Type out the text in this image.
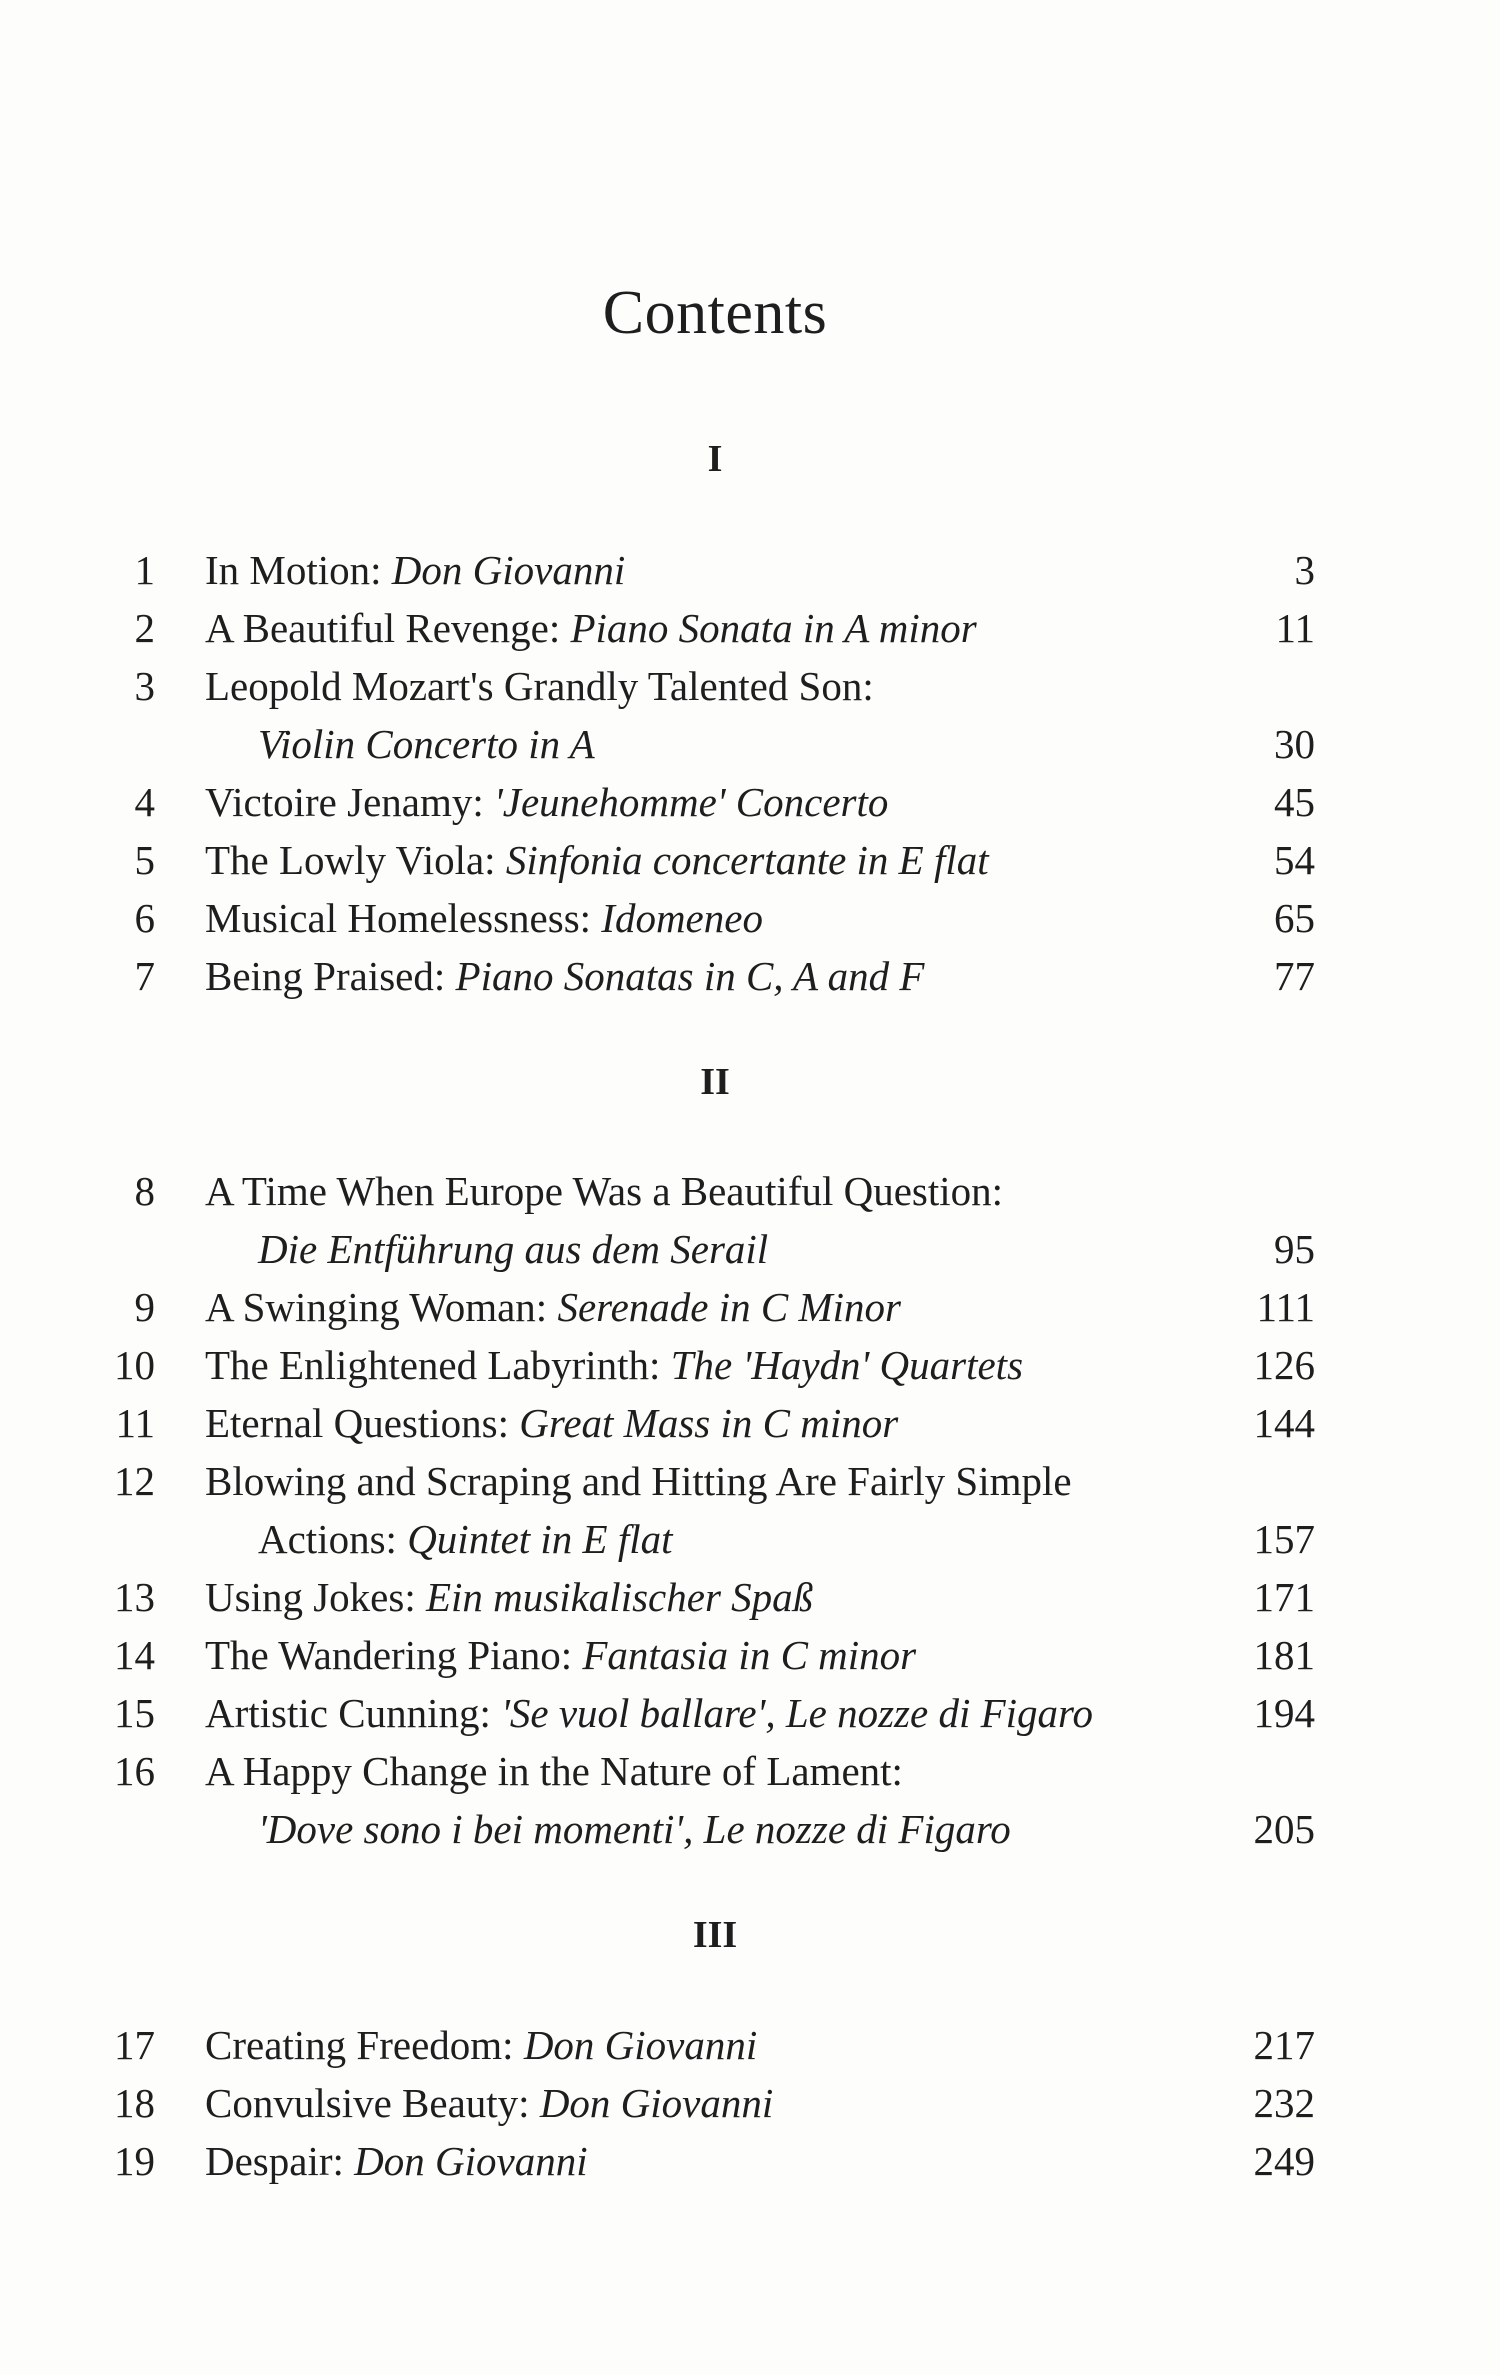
Contents
I
1 In Motion: Don Giovanni	3
2 A Beautiful Revenge: Piano Sonata in A minor	11
3 Leopold Mozart's Grandly Talented Son:
Violin Concerto in A	30
4 Victoire Jenamy: 'Jeunehomme' Concerto	45
5 The Lowly Viola: Sinfonia concertante in E flat	54
6 Musical Homelessness: Idomeneo	65
7 Being Praised: Piano Sonatas in C, A and F	77
II
8 A Time When Europe Was a Beautiful Question:
Die Entführung aus dem Serail	95
9 A Swinging Woman: Serenade in C Minor	111
10 The Enlightened Labyrinth: The 'Haydn' Quartets	126
11 Eternal Questions: Great Mass in C minor	144
12 Blowing and Scraping and Hitting Are Fairly Simple
Actions: Quintet in E flat	157
13 Using Jokes: Ein musikalischer Spaß	171
14 The Wandering Piano: Fantasia in C minor	181
15 Artistic Cunning: 'Se vuol ballare', Le nozze di Figaro	194
16 A Happy Change in the Nature of Lament:
'Dove sono i bei momenti', Le nozze di Figaro	205
III
17 Creating Freedom: Don Giovanni	217
18 Convulsive Beauty: Don Giovanni	232
19 Despair: Don Giovanni	249
